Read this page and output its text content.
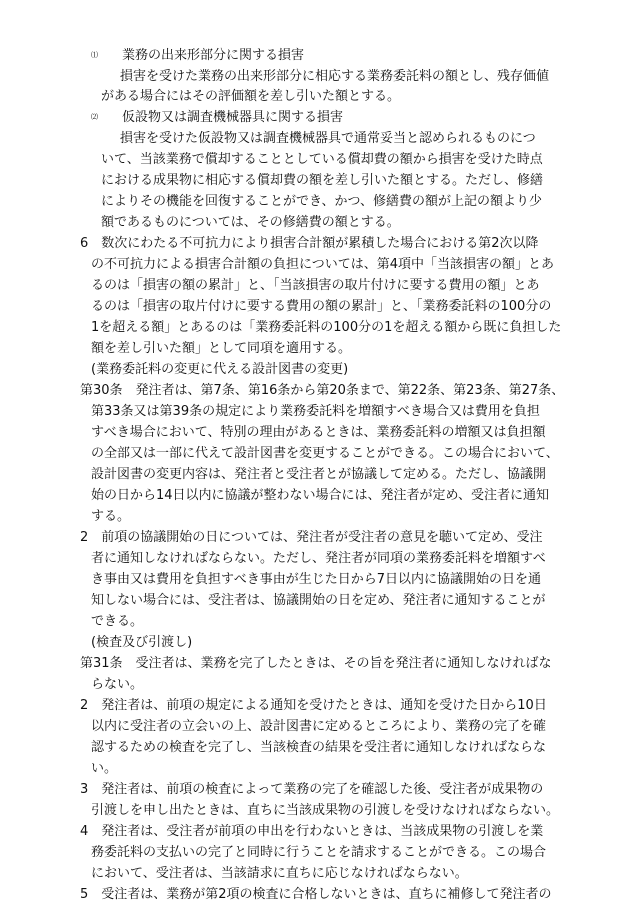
⑴ 業務の出来形部分に関する損害
損害を受けた業務の出来形部分に相応する業務委託料の額とし、残存価値
がある場合にはその評価額を差し引いた額とする。
⑵ 仮設物又は調査機械器具に関する損害
損害を受けた仮設物又は調査機械器具で通常妥当と認められるものにつ
いて、当該業務で償却することとしている償却費の額から損害を受けた時点
における成果物に相応する償却費の額を差し引いた額とする。ただし、修繕
によりその機能を回復することができ、かつ、修繕費の額が上記の額より少
額であるものについては、その修繕費の額とする。
6　数次にわたる不可抗力により損害合計額が累積した場合における第2次以降
の不可抗力による損害合計額の負担については、第4項中「当該損害の額」とあ
るのは「損害の額の累計」と、「当該損害の取片付けに要する費用の額」とあ
るのは「損害の取片付けに要する費用の額の累計」と、「業務委託料の100分の
1を超える額」とあるのは「業務委託料の100分の1を超える額から既に負担した
額を差し引いた額」として同項を適用する。
(業務委託料の変更に代える設計図書の変更)
第30条　発注者は、第7条、第16条から第20条まで、第22条、第23条、第27条、
第33条又は第39条の規定により業務委託料を増額すべき場合又は費用を負担
すべき場合において、特別の理由があるときは、業務委託料の増額又は負担額
の全部又は一部に代えて設計図書を変更することができる。この場合において、
設計図書の変更内容は、発注者と受注者とが協議して定める。ただし、協議開
始の日から14日以内に協議が整わない場合には、発注者が定め、受注者に通知
する。
2　前項の協議開始の日については、発注者が受注者の意見を聴いて定め、受注
者に通知しなければならない。ただし、発注者が同項の業務委託料を増額すべ
き事由又は費用を負担すべき事由が生じた日から7日以内に協議開始の日を通
知しない場合には、受注者は、協議開始の日を定め、発注者に通知することが
できる。
(検査及び引渡し)
第31条　受注者は、業務を完了したときは、その旨を発注者に通知しなければな
らない。
2　発注者は、前項の規定による通知を受けたときは、通知を受けた日から10日
以内に受注者の立会いの上、設計図書に定めるところにより、業務の完了を確
認するための検査を完了し、当該検査の結果を受注者に通知しなければならな
い。
3　発注者は、前項の検査によって業務の完了を確認した後、受注者が成果物の
引渡しを申し出たときは、直ちに当該成果物の引渡しを受けなければならない。
4　発注者は、受注者が前項の申出を行わないときは、当該成果物の引渡しを業
務委託料の支払いの完了と同時に行うことを請求することができる。この場合
において、受注者は、当該請求に直ちに応じなければならない。
5　受注者は、業務が第2項の検査に合格しないときは、直ちに補修して発注者の
